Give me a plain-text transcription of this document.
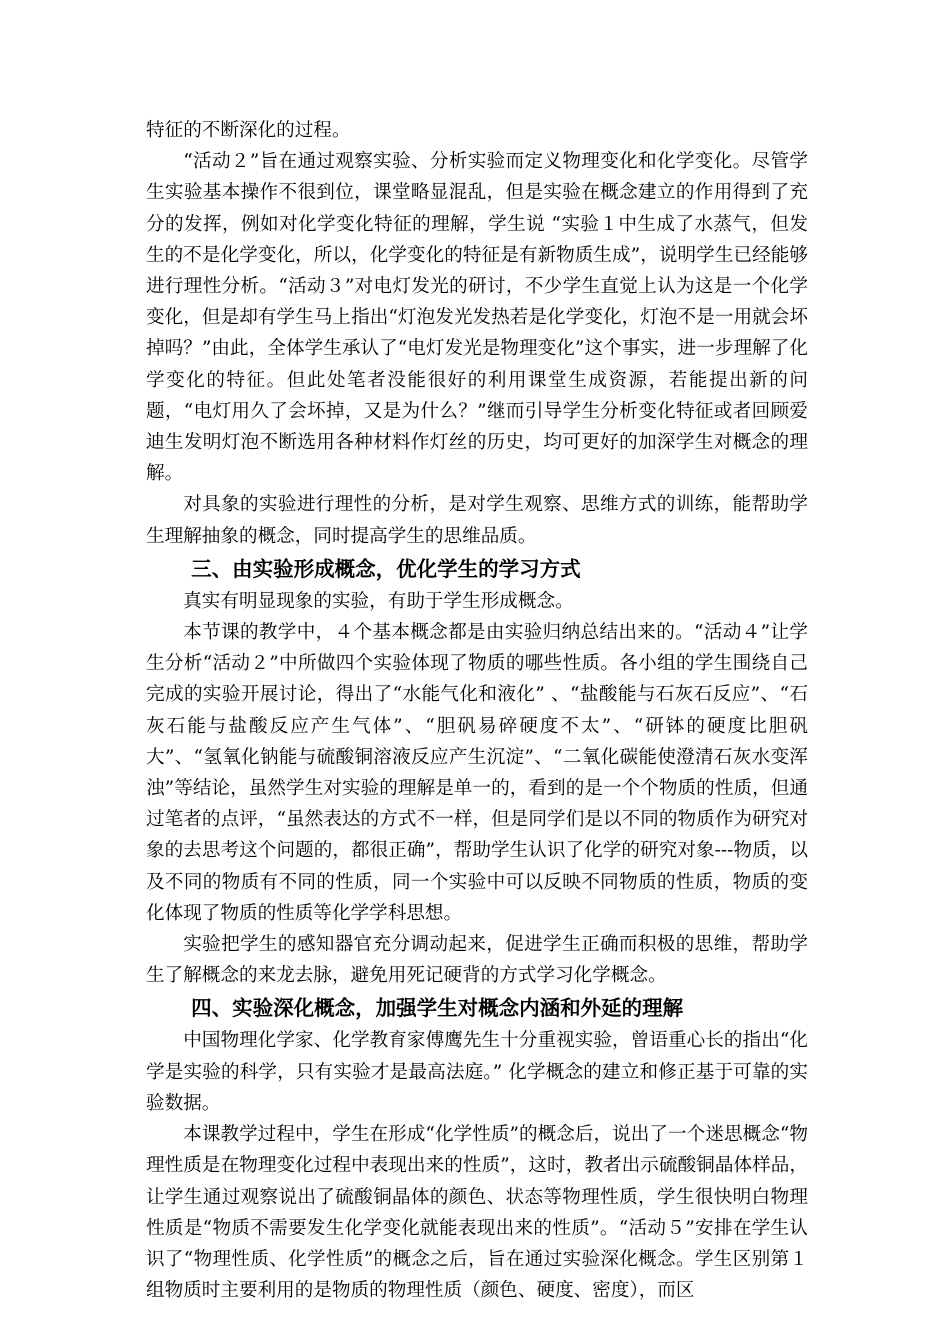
特征的不断深化的过程。

“活动２”旨在通过观察实验、分析实验而定义物理变化和化学变化。尽管学生实验基本操作不很到位，课堂略显混乱，但是实验在概念建立的作用得到了充分的发挥，例如对化学变化特征的理解，学生说 “实验１中生成了水蒸气，但发生的不是化学变化，所以，化学变化的特征是有新物质生成”，说明学生已经能够进行理性分析。“活动３”对电灯发光的研讨，不少学生直觉上认为这是一个化学变化，但是却有学生马上指出“灯泡发光发热若是化学变化，灯泡不是一用就会坏掉吗？”由此，全体学生承认了“电灯发光是物理变化”这个事实，进一步理解了化学变化的特征。但此处笔者没能很好的利用课堂生成资源，若能提出新的问题，“电灯用久了会坏掉，又是为什么？”继而引导学生分析变化特征或者回顾爱迪生发明灯泡不断选用各种材料作灯丝的历史，均可更好的加深学生对概念的理解。

对具象的实验进行理性的分析，是对学生观察、思维方式的训练，能帮助学生理解抽象的概念，同时提高学生的思维品质。

三、由实验形成概念，优化学生的学习方式

真实有明显现象的实验，有助于学生形成概念。

本节课的教学中，４个基本概念都是由实验归纳总结出来的。“活动４”让学生分析“活动２”中所做四个实验体现了物质的哪些性质。各小组的学生围绕自己完成的实验开展讨论，得出了“水能气化和液化” 、“盐酸能与石灰石反应”、“石灰石能与盐酸反应产生气体”、“胆矾易碎硬度不太”、“研钵的硬度比胆矾大”、“氢氧化钠能与硫酸铜溶液反应产生沉淀”、“二氧化碳能使澄清石灰水变浑浊”等结论，虽然学生对实验的理解是单一的，看到的是一个个物质的性质，但通过笔者的点评，“虽然表达的方式不一样，但是同学们是以不同的物质作为研究对象的去思考这个问题的，都很正确”，帮助学生认识了化学的研究对象---物质，以及不同的物质有不同的性质，同一个实验中可以反映不同物质的性质，物质的变化体现了物质的性质等化学学科思想。

实验把学生的感知器官充分调动起来，促进学生正确而积极的思维，帮助学生了解概念的来龙去脉，避免用死记硬背的方式学习化学概念。

四、实验深化概念，加强学生对概念内涵和外延的理解

中国物理化学家、化学教育家傅鹰先生十分重视实验，曾语重心长的指出“化学是实验的科学，只有实验才是最高法庭。” 化学概念的建立和修正基于可靠的实验数据。

本课教学过程中，学生在形成“化学性质”的概念后，说出了一个迷思概念“物理性质是在物理变化过程中表现出来的性质”，这时，教者出示硫酸铜晶体样品，让学生通过观察说出了硫酸铜晶体的颜色、状态等物理性质，学生很快明白物理性质是“物质不需要发生化学变化就能表现出来的性质”。“活动５”安排在学生认识了“物理性质、化学性质”的概念之后，旨在通过实验深化概念。学生区别第１组物质时主要利用的是物质的物理性质（颜色、硬度、密度），而区
